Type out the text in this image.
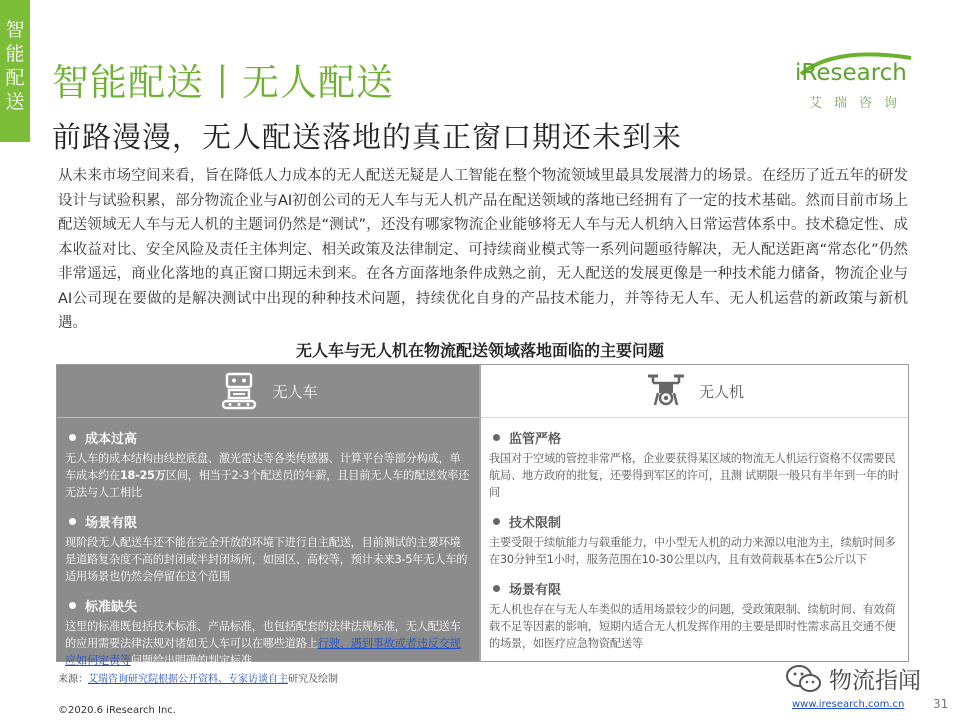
智
能
配
送 智能配送丨无人配送
前路漫漫，无人配送落地的真正窗口期还未到来
iResearch
艾瑞咨询
从未来市场空间来看，旨在降低人力成本的无人配送无疑是人工智能在整个物流领域里最具发展潜力的场景。在经历了近五年的研发设计与试验积累，部分物流企业与AI初创公司的无人车与无人机产品在配送领域的落地已经拥有了一定的技术基础。然而目前市场上配送领域无人车与无人机的主题词仍然是“测试”，还没有哪家物流企业能够将无人车与无人机纳入日常运营体系中。技术稳定性、成本收益对比、安全风险及责任主体判定、相关政策及法律制定、可持续商业模式等一系列问题亟待解决，无人配送距离“常态化”仍然非常遥远，商业化落地的真正窗口期远未到来。在各方面落地条件成熟之前，无人配送的发展更像是一种技术能力储备，物流企业与AI公司现在要做的是解决测试中出现的种种技术问题，持续优化自身的产品技术能力，并等待无人车、无人机运营的新政策与新机遇。
无人车与无人机在物流配送领域落地面临的主要问题
无人车
成本过高
无人车的成本结构由线控底盘、激光雷达等各类传感器、计算平台等部分构成，单车成本约在18-25万区间，相当于2-3个配送员的年薪，且目前无人车的配送效率还无法与人工相比
场景有限
现阶段无人配送车还不能在完全开放的环境下进行自主配送，目前测试的主要环境是道路复杂度不高的封闭或半封闭场所，如园区、高校等，预计未来3-5年无人车的适用场景也仍然会停留在这个范围
标准缺失
这里的标准既包括技术标准、产品标准，也包括配套的法律法规标准，无人配送车的应用需要法律法规对诸如无人车可以在哪些道路上行驶、遇到事故或者违反交规应如何定责等问题给出明确的判定标准
无人机
监管严格
我国对于空域的管控非常严格，企业要获得某区域的物流无人机运行资格不仅需要民航局、地方政府的批复，还要得到军区的许可，且测 试期限一般只有半年到一年的时间
技术限制
主要受限于续航能力与载重能力，中小型无人机的动力来源以电池为主，续航时间多在30分钟至1小时，服务范围在10-30公里以内，且有效荷载基本在5公斤以下
场景有限
无人机也存在与无人车类似的适用场景较少的问题，受政策限制、续航时间、有效荷载不足等因素的影响，短期内适合无人机发挥作用的主要是即时性需求高且交通不便的场景，如医疗应急物资配送等
来源：艾瑞咨询研究院根据公开资料、专家访谈自主研究及绘制
©2020.6 iResearch Inc.
物流指闻
www.iresearch.com.cn 31
